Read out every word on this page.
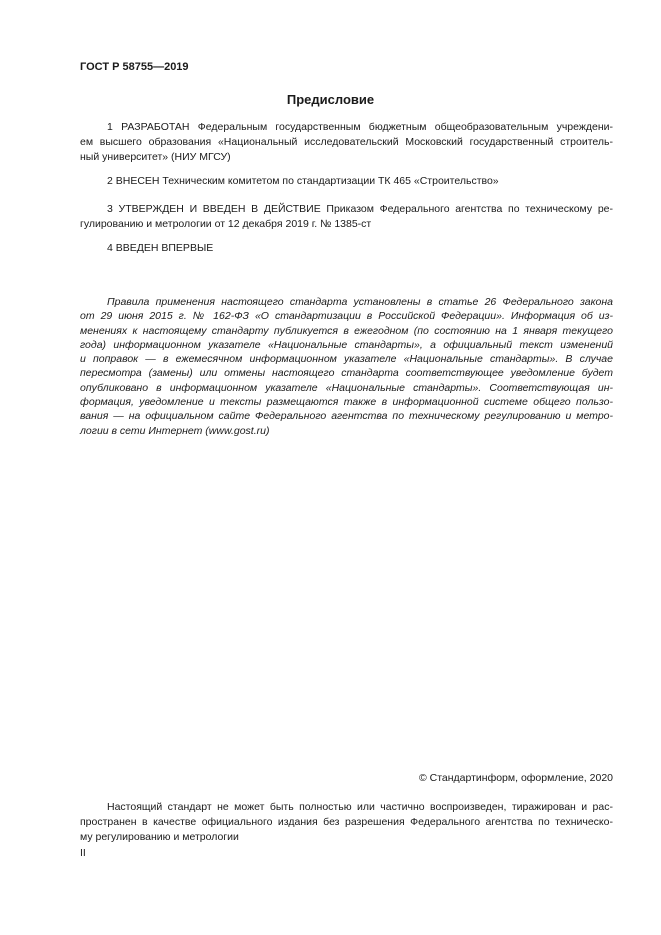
ГОСТ Р 58755—2019
Предисловие
1 РАЗРАБОТАН Федеральным государственным бюджетным общеобразовательным учреждени-
ем высшего образования «Национальный исследовательский Московский государственный строитель-
ный университет» (НИУ МГСУ)
2 ВНЕСЕН Техническим комитетом по стандартизации ТК 465 «Строительство»
3 УТВЕРЖДЕН И ВВЕДЕН В ДЕЙСТВИЕ Приказом Федерального агентства по техническому ре-
гулированию и метрологии от 12 декабря 2019 г. № 1385-ст
4 ВВЕДЕН ВПЕРВЫЕ
Правила применения настоящего стандарта установлены в статье 26 Федерального закона
от 29 июня 2015 г. № 162-ФЗ «О стандартизации в Российской Федерации». Информация об из-
менениях к настоящему стандарту публикуется в ежегодном (по состоянию на 1 января текущего
года) информационном указателе «Национальные стандарты», а официальный текст изменений
и поправок — в ежемесячном информационном указателе «Национальные стандарты». В случае
пересмотра (замены) или отмены настоящего стандарта соответствующее уведомление будет
опубликовано в информационном указателе «Национальные стандарты». Соответствующая ин-
формация, уведомление и тексты размещаются также в информационной системе общего пользо-
вания — на официальном сайте Федерального агентства по техническому регулированию и метро-
логии в сети Интернет (www.gost.ru)
© Стандартинформ, оформление, 2020
Настоящий стандарт не может быть полностью или частично воспроизведен, тиражирован и рас-
пространен в качестве официального издания без разрешения Федерального агентства по техническо-
му регулированию и метрологии
II
